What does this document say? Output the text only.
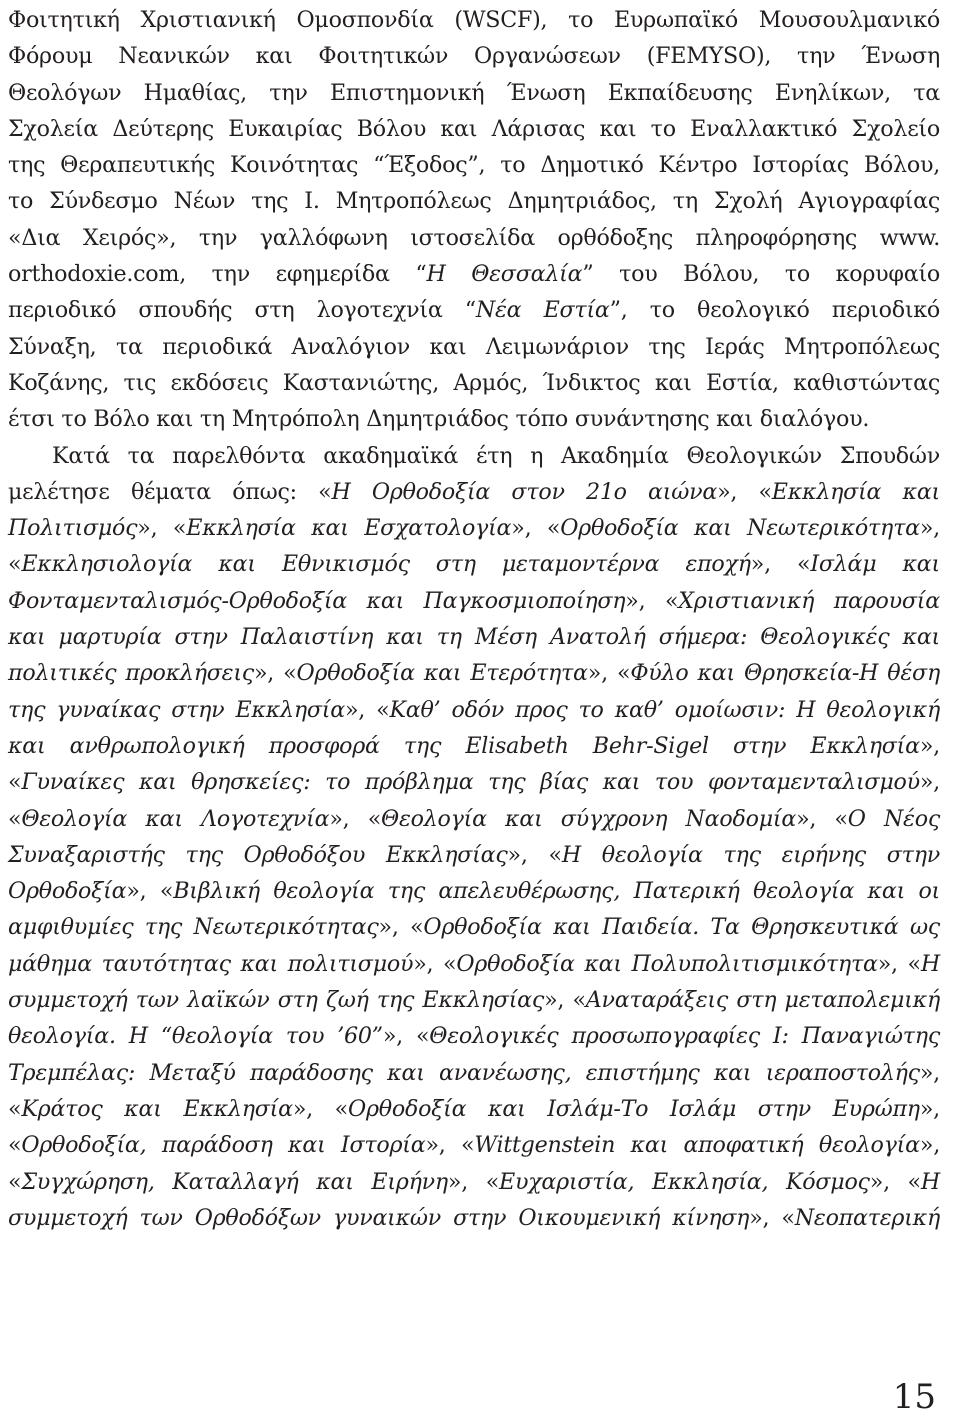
Φοιτητική Χριστιανική Ομοσπονδία (WSCF), το Ευρωπαϊκό Μουσουλμανικό
Φόρουμ Νεανικών και Φοιτητικών Οργανώσεων (FEMYSO), την Ένωση
Θεολόγων Ημαθίας, την Επιστημονική Ένωση Εκπαίδευσης Ενηλίκων, τα
Σχολεία Δεύτερης Ευκαιρίας Βόλου και Λάρισας και το Εναλλακτικό Σχολείο
της Θεραπευτικής Κοινότητας “Έξοδος”, το Δημοτικό Κέντρο Ιστορίας Βόλου,
το Σύνδεσμο Νέων της Ι. Μητροπόλεως Δημητριάδος, τη Σχολή Αγιογραφίας
«Δια Χειρός», την γαλλόφωνη ιστοσελίδα ορθόδοξης πληροφόρησης www.
orthodoxie.com, την εφημερίδα “Η Θεσσαλία” του Βόλου, το κορυφαίο
περιοδικό σπουδής στη λογοτεχνία “Νέα Εστία”, το θεολογικό περιοδικό
Σύναξη, τα περιοδικά Αναλόγιον και Λειμωνάριον της Ιεράς Μητροπόλεως
Κοζάνης, τις εκδόσεις Καστανιώτης, Αρμός, Ίνδικτος και Εστία, καθιστώντας
έτσι το Βόλο και τη Μητρόπολη Δημητριάδος τόπο συνάντησης και διαλόγου.
Κατά τα παρελθόντα ακαδημαϊκά έτη η Ακαδημία Θεολογικών Σπουδών
μελέτησε θέματα όπως: «Η Ορθοδοξία στον 21ο αιώνα», «Εκκλησία και
Πολιτισμός», «Εκκλησία και Εσχατολογία», «Ορθοδοξία και Νεωτερικότητα»,
«Εκκλησιολογία και Εθνικισμός στη μεταμοντέρνα εποχή», «Ισλάμ και
Φονταμενταλισμός-Ορθοδοξία και Παγκοσμιοποίηση», «Χριστιανική παρουσία
και μαρτυρία στην Παλαιστίνη και τη Μέση Ανατολή σήμερα: Θεολογικές και
πολιτικές προκλήσεις», «Ορθοδοξία και Ετερότητα», «Φύλο και Θρησκεία-Η θέση
της γυναίκας στην Εκκλησία», «Καθ’ οδόν προς το καθ’ ομοίωσιν: Η θεολογική
και ανθρωπολογική προσφορά της Elisabeth Behr-Sigel στην Εκκλησία»,
«Γυναίκες και θρησκείες: το πρόβλημα της βίας και του φονταμενταλισμού»,
«Θεολογία και Λογοτεχνία», «Θεολογία και σύγχρονη Ναοδομία», «Ο Νέος
Συναξαριστής της Ορθοδόξου Εκκλησίας», «Η θεολογία της ειρήνης στην
Ορθοδοξία», «Βιβλική θεολογία της απελευθέρωσης, Πατερική θεολογία και οι
αμφιθυμίες της Νεωτερικότητας», «Ορθοδοξία και Παιδεία. Τα Θρησκευτικά ως
μάθημα ταυτότητας και πολιτισμού», «Ορθοδοξία και Πολυπολιτισμικότητα», «Η
συμμετοχή των λαϊκών στη ζωή της Εκκλησίας», «Αναταράξεις στη μεταπολεμική
θεολογία. Η “θεολογία του ’60”», «Θεολογικές προσωπογραφίες Ι: Παναγιώτης
Τρεμπέλας: Μεταξύ παράδοσης και ανανέωσης, επιστήμης και ιεραποστολής»,
«Κράτος και Εκκλησία», «Ορθοδοξία και Ισλάμ-Το Ισλάμ στην Ευρώπη»,
«Ορθοδοξία, παράδοση και Ιστορία», «Wittgenstein και αποφατική θεολογία»,
«Συγχώρηση, Καταλλαγή και Ειρήνη», «Ευχαριστία, Εκκλησία, Κόσμος», «Η
συμμετοχή των Ορθοδόξων γυναικών στην Οικουμενική κίνηση», «Νεοπατερική
15
